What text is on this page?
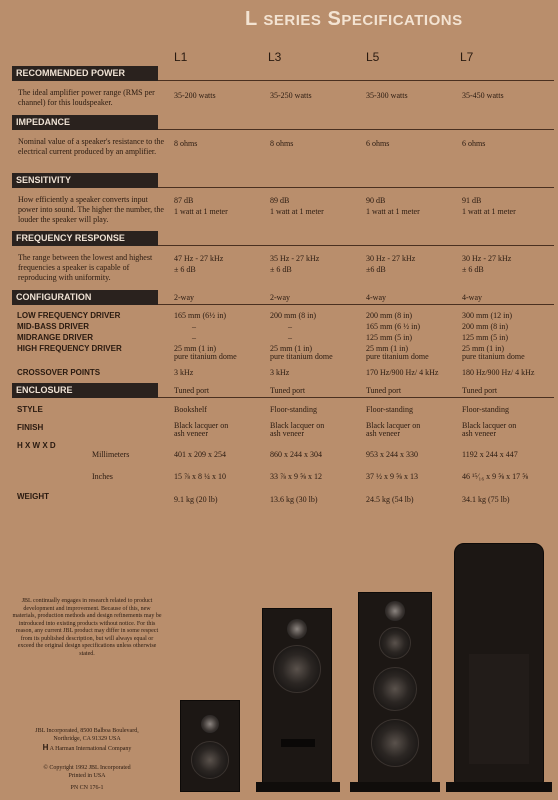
L SERIES SPECIFICATIONS
L1	L3	L5	L7
RECOMMENDED POWER
The ideal amplifier power range (RMS per channel) for this loudspeaker.
35-200 watts	35-250 watts	35-300 watts	35-450 watts
IMPEDANCE
Nominal value of a speaker's resistance to the electrical current produced by an amplifier.
8 ohms	8 ohms	6 ohms	6 ohms
SENSITIVITY
How efficiently a speaker converts input power into sound. The higher the number, the louder the speaker will play.
87 dB	89 dB	90 dB	91 dB
1 watt at 1 meter	1 watt at 1 meter	1 watt at 1 meter	1 watt at 1 meter
FREQUENCY RESPONSE
The range between the lowest and highest frequencies a speaker is capable of reproducing with uniformity.
47 Hz - 27 kHz	35 Hz - 27 kHz	30 Hz - 27 kHz	30 Hz - 27 kHz
± 6 dB	± 6 dB	±6 dB	± 6 dB
CONFIGURATION	2-way	2-way	4-way	4-way
LOW FREQUENCY DRIVER	165 mm (6½ in)	200 mm (8 in)	200 mm (8 in)	300 mm (12 in)
MID-BASS DRIVER	–	–	165 mm (6 ½ in)	200 mm (8 in)
MIDRANGE DRIVER	–	–	125 mm (5 in)	125 mm (5 in)
HIGH FREQUENCY DRIVER	25 mm (1 in)	25 mm (1 in)	25 mm (1 in)	25 mm (1 in)
pure titanium dome	pure titanium dome	pure titanium dome	pure titanium dome
CROSSOVER POINTS	3 kHz	3 kHz	170 Hz/900 Hz/ 4 kHz	180 Hz/900 Hz/ 4 kHz
ENCLOSURE	Tuned port	Tuned port	Tuned port	Tuned port
STYLE	Bookshelf	Floor-standing	Floor-standing	Floor-standing
FINISH	Black lacquer on	Black lacquer on	Black lacquer on	Black lacquer on
ash veneer	ash veneer	ash veneer	ash veneer
H X W X D
Millimeters	401 x 209 x 254	860 x 244 x 304	953 x 244 x 330	1192 x 244 x 447
Inches	15 ⅞ x 8 ¼ x 10	33 ⅞ x 9 ⅝ x 12	37 ½ x 9 ⅝ x 13	46 ¹⁵⁄₁₆ x 9 ⅝ x 17 ⅝
WEIGHT	9.1 kg (20 lb)	13.6 kg (30 lb)	24.5 kg (54 lb)	34.1 kg (75 lb)
JBL continually engages in research related to product development and improvement. Because of this, new materials, production methods and design refinements may be introduced into existing products without notice. For this reason, any current JBL product may differ in some respect from its published description, but will always equal or exceed the original design specifications unless otherwise stated.
JBL Incorporated, 8500 Balboa Boulevard,
Northridge, CA 91329 USA
H A Harman International Company
© Copyright 1992 JBL Incorporated
Printed in USA
PN CN 176-1
